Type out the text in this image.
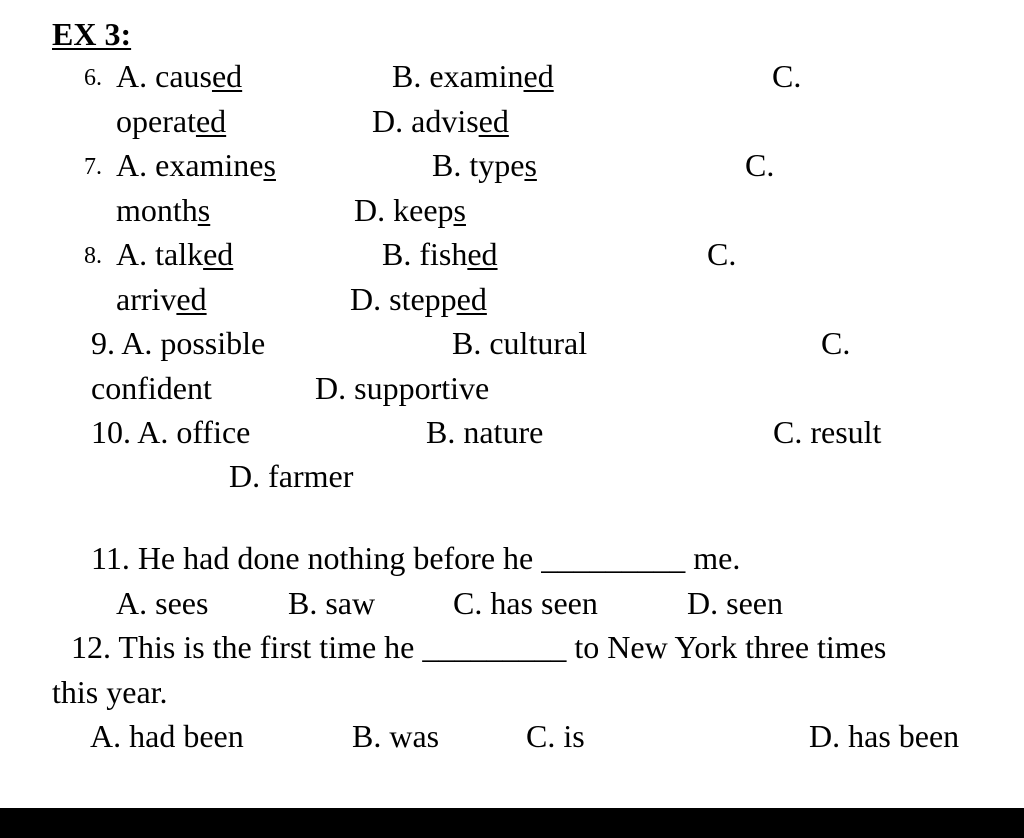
EX 3:
6. A. caused	B. examined	C.
operated	D. advised
7. A. examines	B. types	C.
months	D. keeps
8. A. talked	B. fished	C.
arrived	D. stepped
9. A. possible	B. cultural	C.
confident	D. supportive
10. A. office	B. nature	C. result
D. farmer
11. He had done nothing before he _________ me.
A. sees B. saw C. has seen	D. seen
12. This is the first time he _________ to New York three times
this year.
A. had been	B. was	C. is	D. has been
